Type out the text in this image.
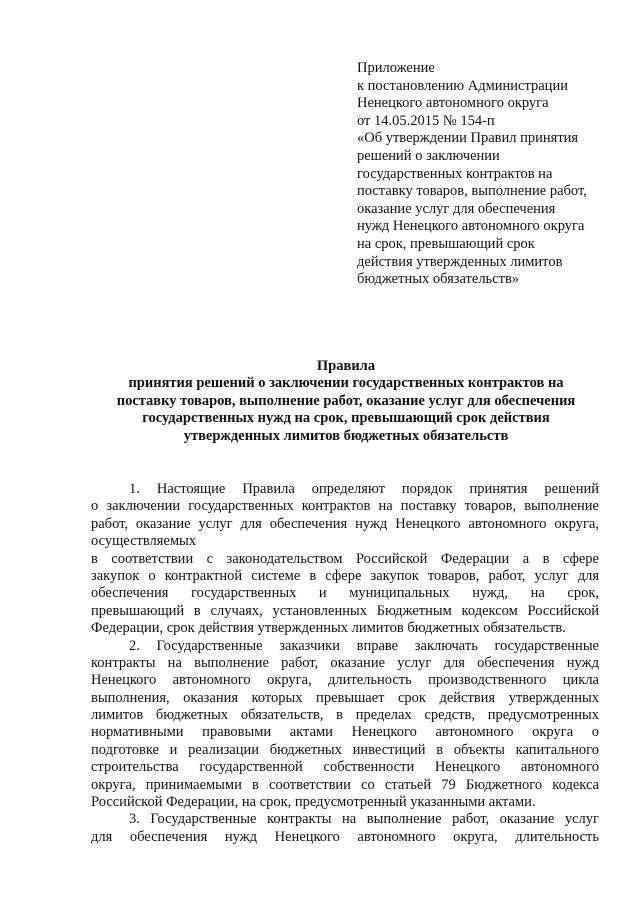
Приложение
к постановлению Администрации
Ненецкого автономного округа
от 14.05.2015 № 154-п
«Об утверждении Правил принятия
решений о заключении
государственных контрактов на
поставку товаров, выполнение работ,
оказание услуг для обеспечения
нужд Ненецкого автономного округа
на срок, превышающий срок
действия утвержденных лимитов
бюджетных обязательств»
Правила
принятия решений о заключении государственных контрактов на
поставку товаров, выполнение работ, оказание услуг для обеспечения
государственных нужд на срок, превышающий срок действия
утвержденных лимитов бюджетных обязательств
1. Настоящие Правила определяют порядок принятия решений
о заключении государственных контрактов на поставку товаров, выполнение
работ, оказание услуг для обеспечения нужд Ненецкого автономного округа,
осуществляемых
в соответствии с законодательством Российской Федерации а в сфере
закупок о контрактной системе в сфере закупок товаров, работ, услуг для
обеспечения государственных и муниципальных нужд, на срок,
превышающий в случаях, установленных Бюджетным кодексом Российской
Федерации, срок действия утвержденных лимитов бюджетных обязательств.
2. Государственные заказчики вправе заключать государственные
контракты на выполнение работ, оказание услуг для обеспечения нужд
Ненецкого автономного округа, длительность производственного цикла
выполнения, оказания которых превышает срок действия утвержденных
лимитов бюджетных обязательств, в пределах средств, предусмотренных
нормативными правовыми актами Ненецкого автономного округа о
подготовке и реализации бюджетных инвестиций в объекты капитального
строительства государственной собственности Ненецкого автономного
округа, принимаемыми в соответствии со статьей 79 Бюджетного кодекса
Российской Федерации, на срок, предусмотренный указанными актами.
3. Государственные контракты на выполнение работ, оказание услуг
для обеспечения нужд Ненецкого автономного округа, длительность
